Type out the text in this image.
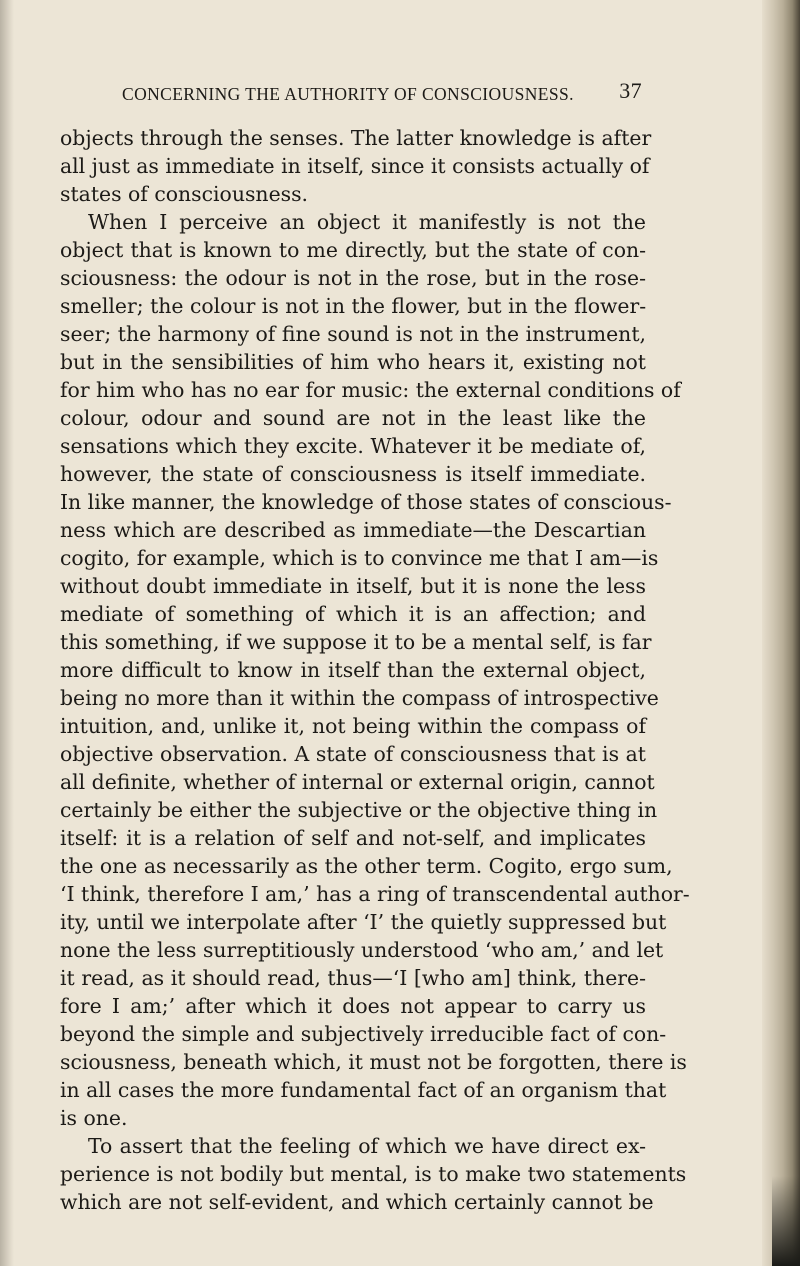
CONCERNING THE AUTHORITY OF CONSCIOUSNESS. 37
objects through the senses. The latter knowledge is after
all just as immediate in itself, since it consists actually of
states of consciousness.
When I perceive an object it manifestly is not the
object that is known to me directly, but the state of con-
sciousness: the odour is not in the rose, but in the rose-
smeller; the colour is not in the flower, but in the flower-
seer; the harmony of fine sound is not in the instrument,
but in the sensibilities of him who hears it, existing not
for him who has no ear for music: the external conditions of
colour, odour and sound are not in the least like the
sensations which they excite. Whatever it be mediate of,
however, the state of consciousness is itself immediate.
In like manner, the knowledge of those states of conscious-
ness which are described as immediate—the Descartian
cogito, for example, which is to convince me that I am—is
without doubt immediate in itself, but it is none the less
mediate of something of which it is an affection; and
this something, if we suppose it to be a mental self, is far
more difficult to know in itself than the external object,
being no more than it within the compass of introspective
intuition, and, unlike it, not being within the compass of
objective observation. A state of consciousness that is at
all definite, whether of internal or external origin, cannot
certainly be either the subjective or the objective thing in
itself: it is a relation of self and not-self, and implicates
the one as necessarily as the other term. Cogito, ergo sum,
‘I think, therefore I am,’ has a ring of transcendental author-
ity, until we interpolate after ‘I’ the quietly suppressed but
none the less surreptitiously understood ‘who am,’ and let
it read, as it should read, thus—‘I [who am] think, there-
fore I am;’ after which it does not appear to carry us
beyond the simple and subjectively irreducible fact of con-
sciousness, beneath which, it must not be forgotten, there is
in all cases the more fundamental fact of an organism that
is one.
To assert that the feeling of which we have direct ex-
perience is not bodily but mental, is to make two statements
which are not self-evident, and which certainly cannot be
